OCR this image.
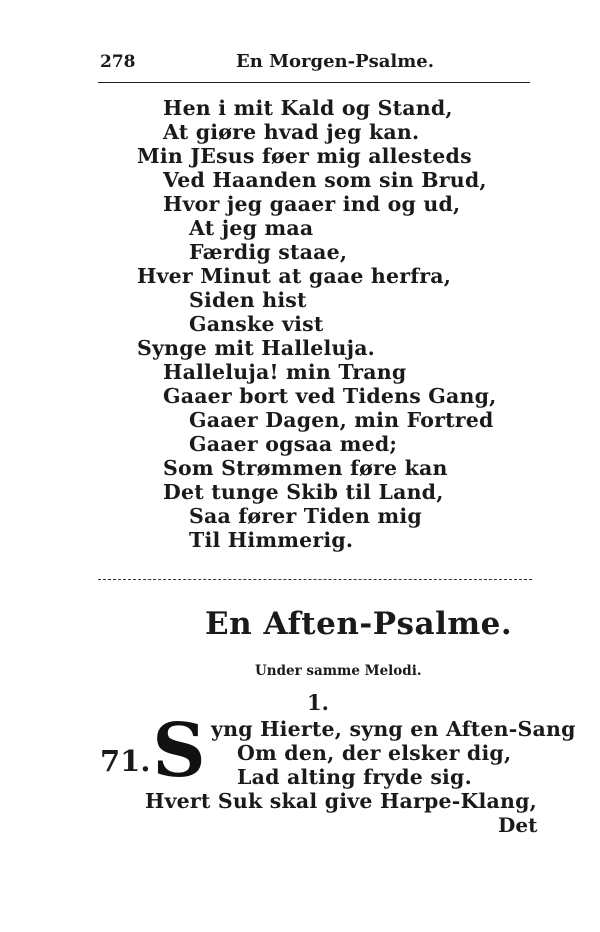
278	En Morgen-Psalme.
Hen i mit Kald og Stand,
At giøre hvad jeg kan.
Min JEsus føer mig allesteds
Ved Haanden som sin Brud,
Hvor jeg gaaer ind og ud,
At jeg maa
Færdig staae,
Hver Minut at gaae herfra,
Siden hist
Ganske vist
Synge mit Halleluja.
Halleluja! min Trang
Gaaer bort ved Tidens Gang,
Gaaer Dagen, min Fortred
Gaaer ogsaa med;
Som Strømmen føre kan
Det tunge Skib til Land,
Saa fører Tiden mig
Til Himmerig.
En Aften-Psalme.
Under samme Melodi.
1.
71. S yng Hierte, syng en Aften-Sang
Om den, der elsker dig,
Lad alting fryde sig.
Hvert Suk skal give Harpe-Klang,
Det
